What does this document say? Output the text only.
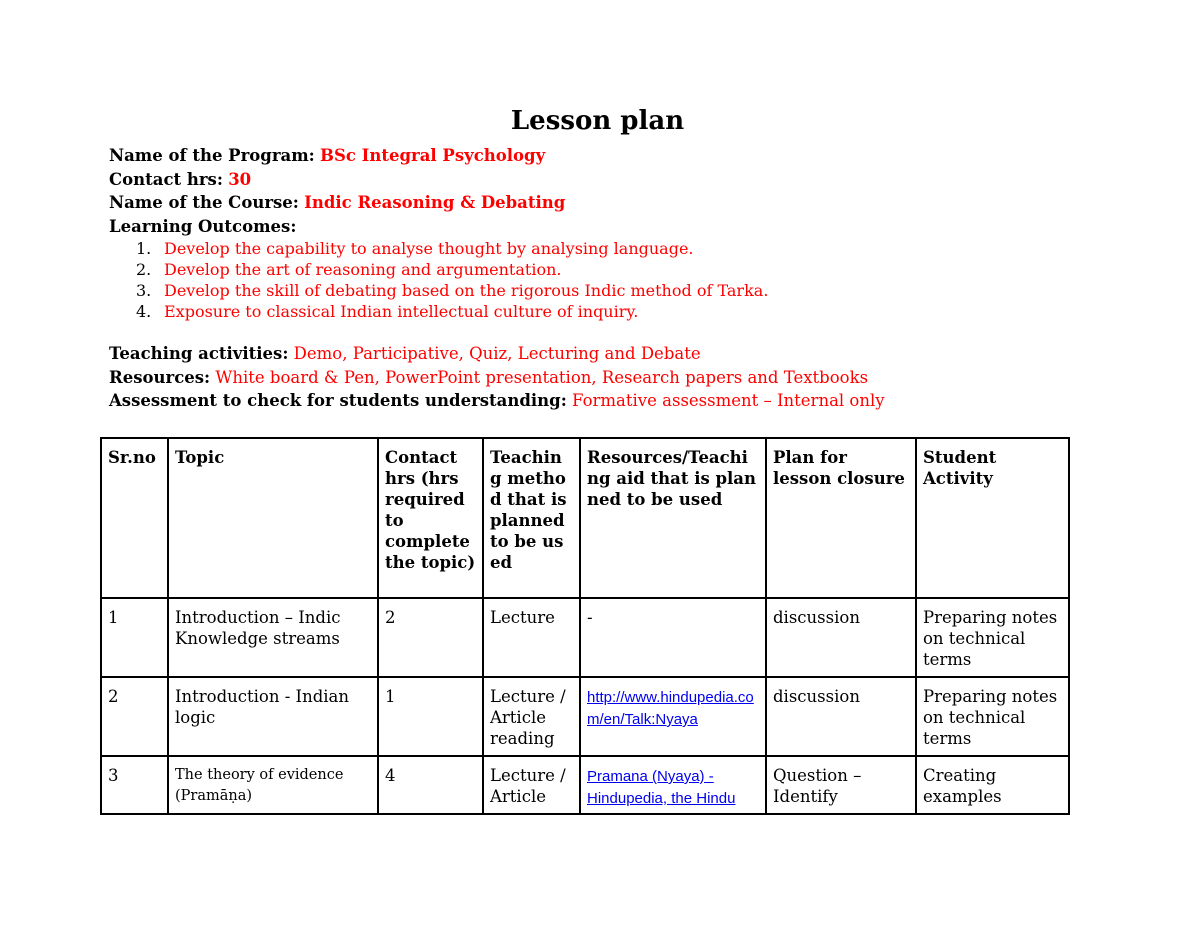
Lesson plan
Name of the Program: BSc Integral Psychology
Contact hrs: 30
Name of the Course: Indic Reasoning & Debating
Learning Outcomes:
1. Develop the capability to analyse thought by analysing language.
2. Develop the art of reasoning and argumentation.
3. Develop the skill of debating based on the rigorous Indic method of Tarka.
4. Exposure to classical Indian intellectual culture of inquiry.
Teaching activities: Demo, Participative, Quiz, Lecturing and Debate
Resources: White board & Pen, PowerPoint presentation, Research papers and Textbooks
Assessment to check for students understanding: Formative assessment – Internal only
Sr.no	Topic	Contact hrs (hrs required to complete the topic)	Teaching method that is planned to be used	Resources/Teaching aid that is planned to be used	Plan for lesson closure	Student Activity
1	Introduction – Indic Knowledge streams	2	Lecture	-	discussion	Preparing notes on technical terms
2	Introduction - Indian logic	1	Lecture / Article reading	http://www.hindupedia.com/en/Talk:Nyaya	discussion	Preparing notes on technical terms
3	The theory of evidence (Pramāṇa)	4	Lecture / Article	Pramana (Nyaya) - Hindupedia, the Hindu	Question – Identify	Creating examples
